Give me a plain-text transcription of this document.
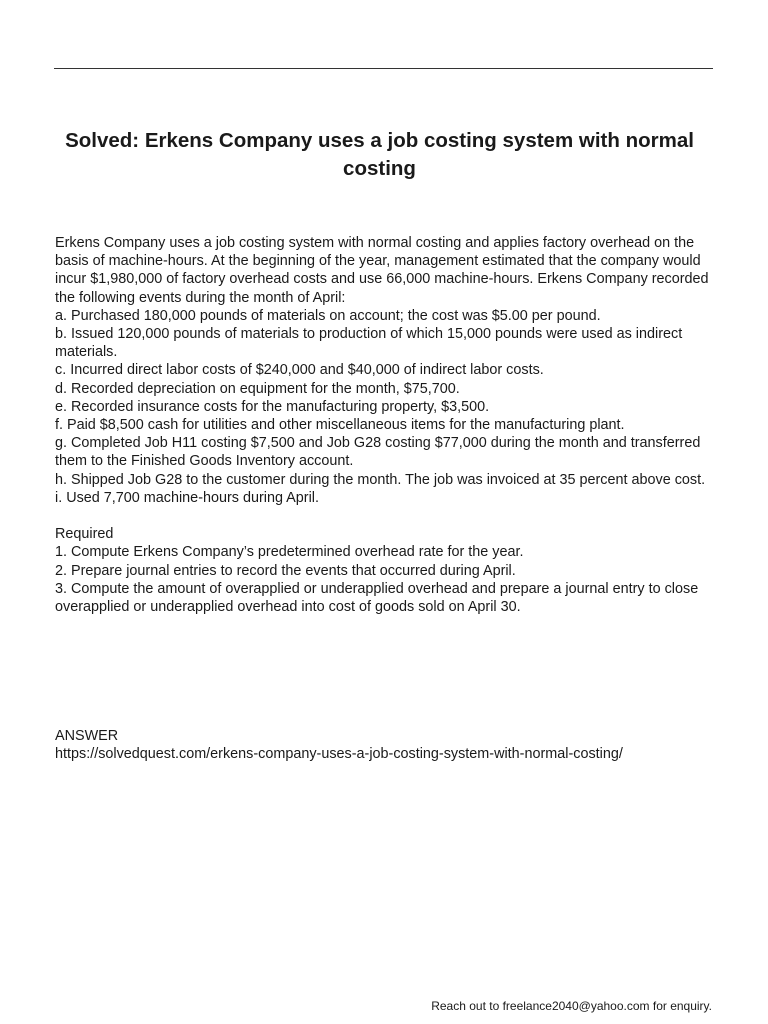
Solved: Erkens Company uses a job costing system with normal costing

Erkens Company uses a job costing system with normal costing and applies factory overhead on the basis of machine-hours. At the beginning of the year, management estimated that the company would incur $1,980,000 of factory overhead costs and use 66,000 machine-hours. Erkens Company recorded the following events during the month of April:

a. Purchased 180,000 pounds of materials on account; the cost was $5.00 per pound.

b. Issued 120,000 pounds of materials to production of which 15,000 pounds were used as indirect materials.

c. Incurred direct labor costs of $240,000 and $40,000 of indirect labor costs.

d. Recorded depreciation on equipment for the month, $75,700.

e. Recorded insurance costs for the manufacturing property, $3,500.

f. Paid $8,500 cash for utilities and other miscellaneous items for the manufacturing plant.

g. Completed Job H11 costing $7,500 and Job G28 costing $77,000 during the month and transferred them to the Finished Goods Inventory account.

h. Shipped Job G28 to the customer during the month. The job was invoiced at 35 percent above cost.

i. Used 7,700 machine-hours during April.

Required

1. Compute Erkens Company’s predetermined overhead rate for the year.

2. Prepare journal entries to record the events that occurred during April.

3. Compute the amount of overapplied or underapplied overhead and prepare a journal entry to close overapplied or underapplied overhead into cost of goods sold on April 30.

ANSWER

https://solvedquest.com/erkens-company-uses-a-job-costing-system-with-normal-costing/

Reach out to freelance2040@yahoo.com for enquiry.
